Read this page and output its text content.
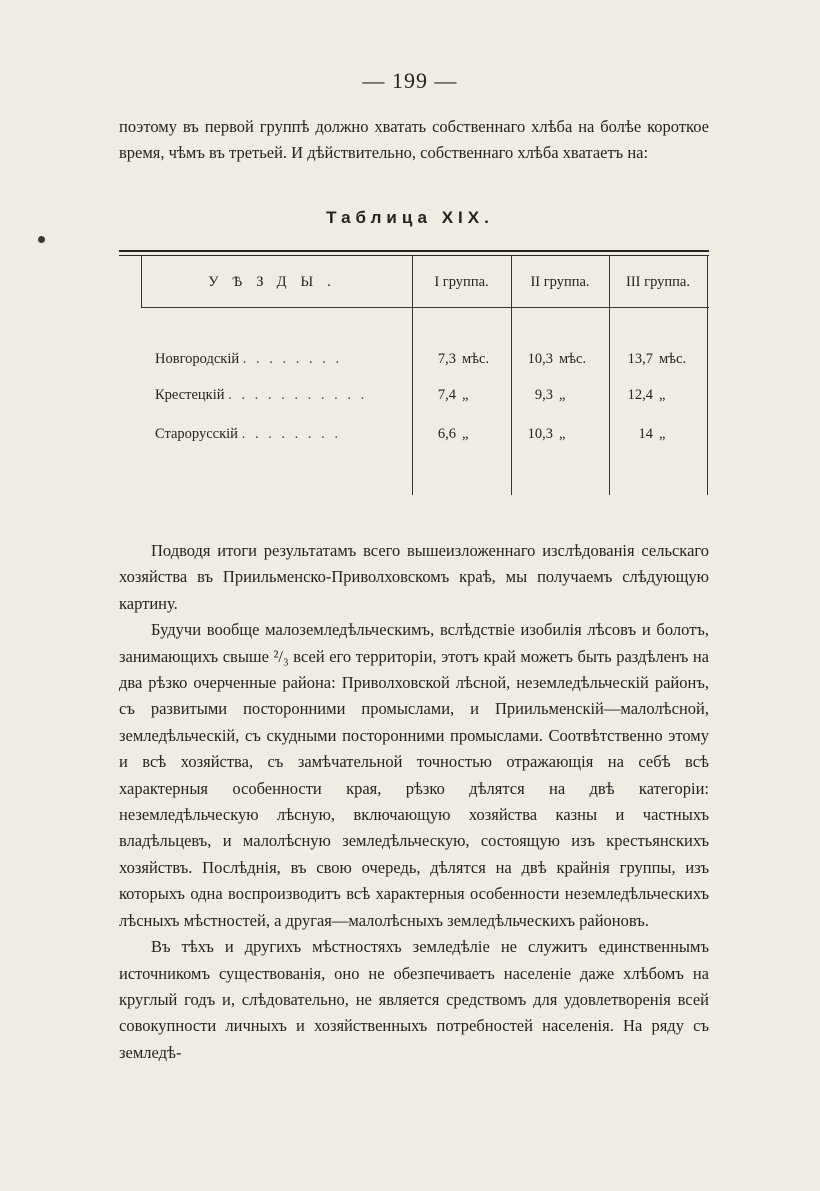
— 199 —

поэтому въ первой группѣ должно хватать собственнаго хлѣба на болѣе короткое время, чѣмъ въ третьей. И дѣйствительно, собственнаго хлѣба хватаетъ на:

Таблица XIX.
УѢЗДЫ.	I группа.	II группа.	III группа.
Новгородскій . . . . . . . .	7,3 мѣс.	10,3 мѣс.	13,7 мѣс.
Крестецкій . . . . . . . . . . .	7,4 „	9,3 „	12,4 „
Старорусскій . . . . . . . .	6,6 „	10,3 „	14 „

Подводя итоги результатамъ всего вышеизложеннаго изслѣдованія сельскаго хозяйства въ Приильменско-Приволховскомъ краѣ, мы получаемъ слѣдующую картину.

Будучи вообще малоземледѣльческимъ, вслѣдствіе изобилія лѣсовъ и болотъ, занимающихъ свыше ²/₃ всей его территоріи, этотъ край можетъ быть раздѣленъ на два рѣзко очерченные района: Приволховской лѣсной, неземледѣльческій районъ, съ развитыми посторонними промыслами, и Приильменскій—малолѣсной, земледѣльческій, съ скудными посторонними промыслами. Соотвѣтственно этому и всѣ хозяйства, съ замѣчательной точностью отражающія на себѣ всѣ характерныя особенности края, рѣзко дѣлятся на двѣ категоріи: неземледѣльческую лѣсную, включающую хозяйства казны и частныхъ владѣльцевъ, и малолѣсную земледѣльческую, состоящую изъ крестьянскихъ хозяйствъ. Послѣднія, въ свою очередь, дѣлятся на двѣ крайнія группы, изъ которыхъ одна воспроизводитъ всѣ характерныя особенности неземледѣльческихъ лѣсныхъ мѣстностей, а другая—малолѣсныхъ земледѣльческихъ районовъ.
Въ тѣхъ и другихъ мѣстностяхъ земледѣліе не служитъ единственнымъ источникомъ существованія, оно не обезпечиваетъ населеніе даже хлѣбомъ на круглый годъ и, слѣдовательно, не является средствомъ для удовлетворенія всей совокупности личныхъ и хозяйственныхъ потребностей населенія. На ряду съ земледѣ-
